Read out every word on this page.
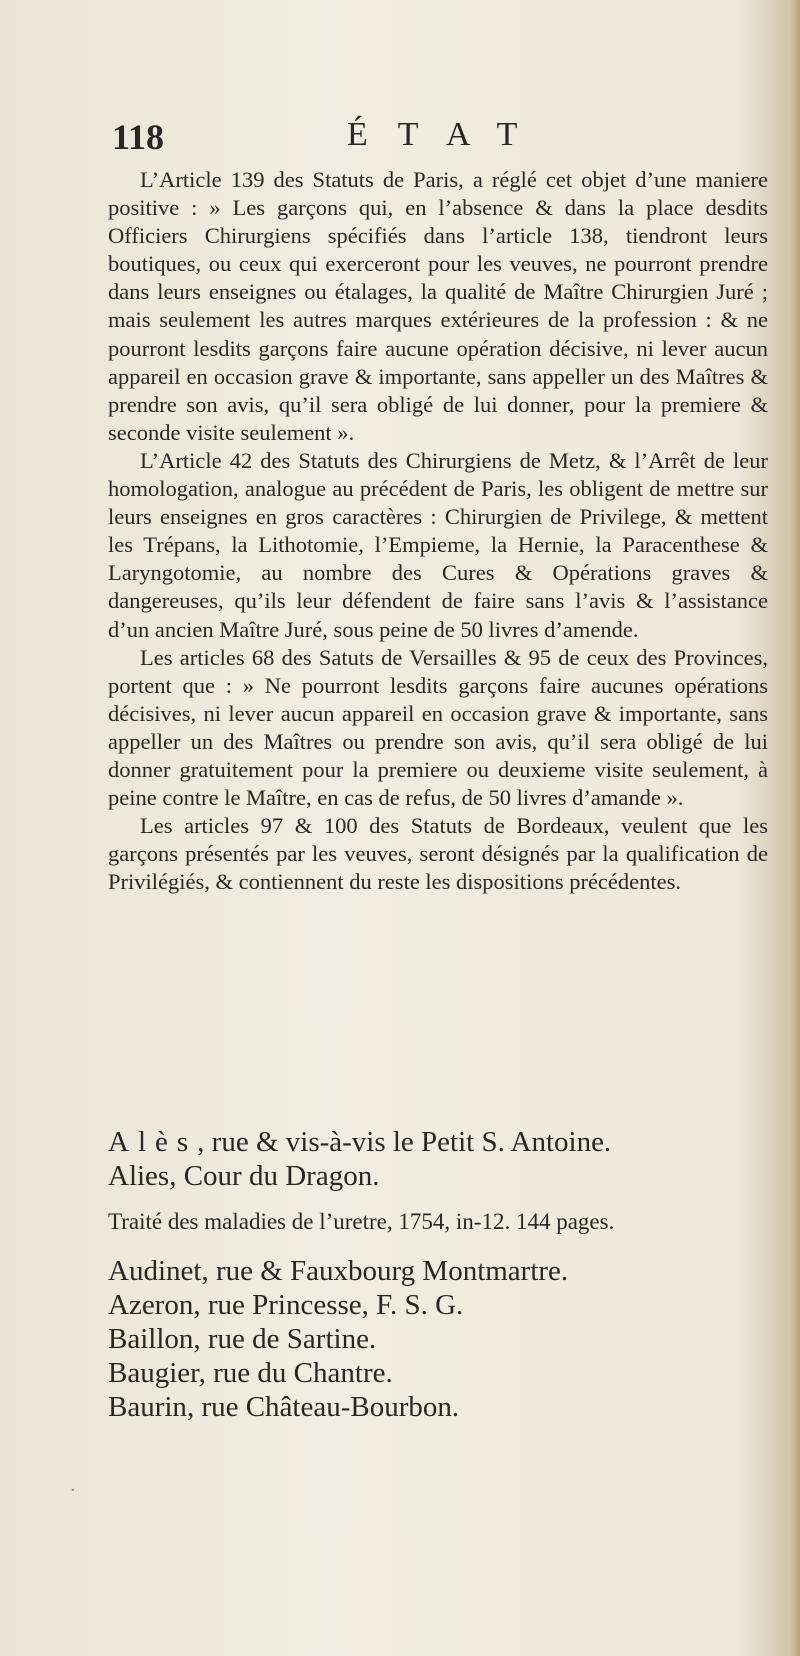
118	ÉTAT

L’Article 139 des Statuts de Paris, a réglé cet objet d’une maniere positive : » Les garçons qui, en l’absence & dans la place desdits Officiers Chirurgiens spécifiés dans l’article 138, tiendront leurs boutiques, ou ceux qui exerceront pour les veuves, ne pourront prendre dans leurs enseignes ou étalages, la qualité de Maître Chirurgien Juré ; mais seulement les autres marques extérieures de la profession : & ne pourront lesdits garçons faire aucune opération décisive, ni lever aucun appareil en occasion grave & importante, sans appeller un des Maîtres & prendre son avis, qu’il sera obligé de lui donner, pour la premiere & seconde visite seulement ».

L’Article 42 des Statuts des Chirurgiens de Metz, & l’Arrêt de leur homologation, analogue au précédent de Paris, les obligent de mettre sur leurs enseignes en gros caractères : Chirurgien de Privilege, & mettent les Trépans, la Lithotomie, l’Empieme, la Hernie, la Paracenthese & Laryngotomie, au nombre des Cures & Opérations graves & dangereuses, qu’ils leur défendent de faire sans l’avis & l’assistance d’un ancien Maître Juré, sous peine de 50 livres d’amende.

Les articles 68 des Satuts de Versailles & 95 de ceux des Provinces, portent que : » Ne pourront lesdits garçons faire aucunes opérations décisives, ni lever aucun appareil en occasion grave & importante, sans appeller un des Maîtres ou prendre son avis, qu’il sera obligé de lui donner gratuitement pour la premiere ou deuxieme visite seulement, à peine contre le Maître, en cas de refus, de 50 livres d’amande ».

Les articles 97 & 100 des Statuts de Bordeaux, veulent que les garçons présentés par les veuves, seront désignés par la qualification de Privilégiés, & contiennent du reste les dispositions précédentes.

Alès, rue & vis-à-vis le Petit S. Antoine.
Alies, Cour du Dragon.
Traité des maladies de l’uretre, 1754, in-12. 144 pages.
Audinet, rue & Fauxbourg Montmartre.
Azeron, rue Princesse, F. S. G.
Baillon, rue de Sartine.
Baugier, rue du Chantre.
Baurin, rue Château-Bourbon.
·
